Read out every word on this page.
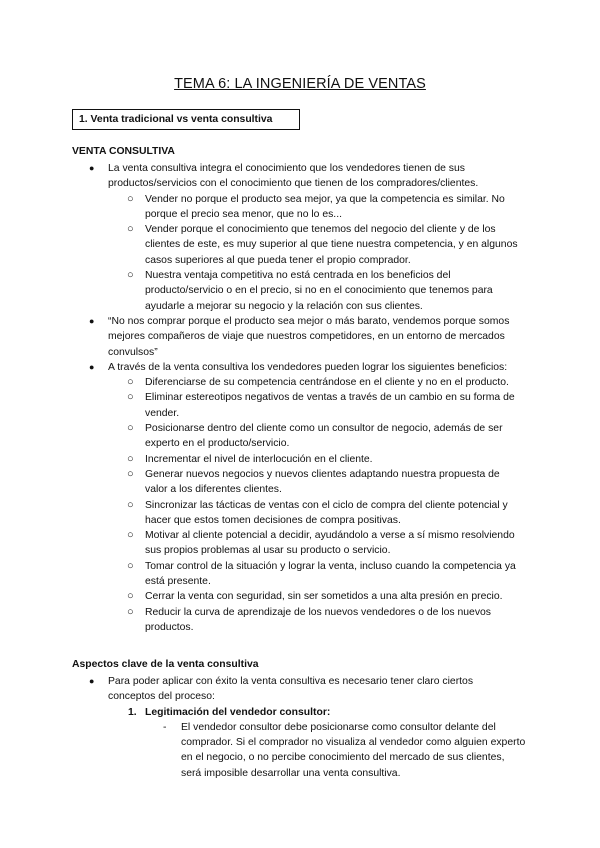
TEMA 6: LA INGENIERÍA DE VENTAS
1. Venta tradicional vs venta consultiva
VENTA CONSULTIVA
● La venta consultiva integra el conocimiento que los vendedores tienen de sus productos/servicios con el conocimiento que tienen de los compradores/clientes.
○ Vender no porque el producto sea mejor, ya que la competencia es similar. No porque el precio sea menor, que no lo es...
○ Vender porque el conocimiento que tenemos del negocio del cliente y de los clientes de este, es muy superior al que tiene nuestra competencia, y en algunos casos superiores al que pueda tener el propio comprador.
○ Nuestra ventaja competitiva no está centrada en los beneficios del producto/servicio o en el precio, si no en el conocimiento que tenemos para ayudarle a mejorar su negocio y la relación con sus clientes.
● “No nos comprar porque el producto sea mejor o más barato, vendemos porque somos mejores compañeros de viaje que nuestros competidores, en un entorno de mercados convulsos”
● A través de la venta consultiva los vendedores pueden lograr los siguientes beneficios:
○ Diferenciarse de su competencia centrándose en el cliente y no en el producto.
○ Eliminar estereotipos negativos de ventas a través de un cambio en su forma de vender.
○ Posicionarse dentro del cliente como un consultor de negocio, además de ser experto en el producto/servicio.
○ Incrementar el nivel de interlocución en el cliente.
○ Generar nuevos negocios y nuevos clientes adaptando nuestra propuesta de valor a los diferentes clientes.
○ Sincronizar las tácticas de ventas con el ciclo de compra del cliente potencial y hacer que estos tomen decisiones de compra positivas.
○ Motivar al cliente potencial a decidir, ayudándolo a verse a sí mismo resolviendo sus propios problemas al usar su producto o servicio.
○ Tomar control de la situación y lograr la venta, incluso cuando la competencia ya está presente.
○ Cerrar la venta con seguridad, sin ser sometidos a una alta presión en precio.
○ Reducir la curva de aprendizaje de los nuevos vendedores o de los nuevos productos.
Aspectos clave de la venta consultiva
● Para poder aplicar con éxito la venta consultiva es necesario tener claro ciertos conceptos del proceso:
1. Legitimación del vendedor consultor:
- El vendedor consultor debe posicionarse como consultor delante del comprador. Si el comprador no visualiza al vendedor como alguien experto en el negocio, o no percibe conocimiento del mercado de sus clientes, será imposible desarrollar una venta consultiva.
